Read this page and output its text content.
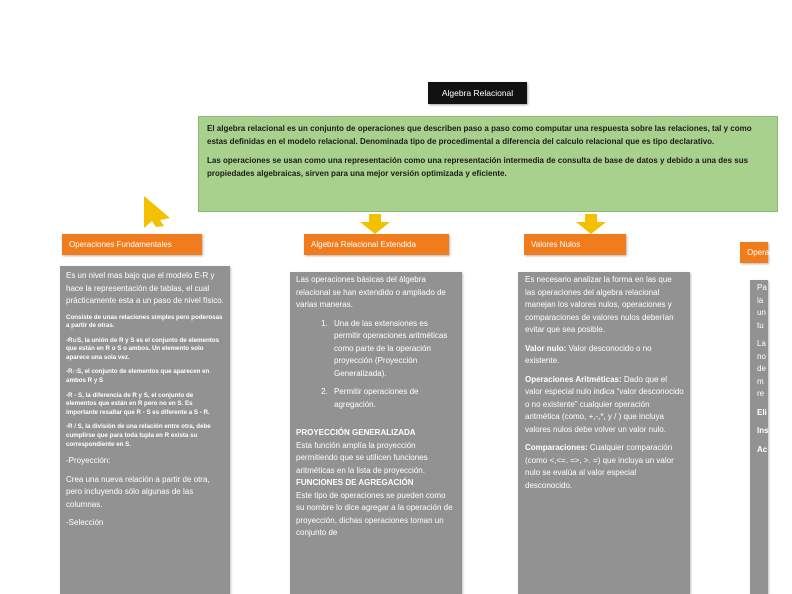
Algebra Relacional

El algebra relacional es un conjunto de operaciones que describen paso a paso como computar una respuesta sobre las relaciones, tal y como estas definidas en el modelo relacional. Denominada tipo de procedimental a diferencia del calculo relacional que es tipo declarativo.

Las operaciones se usan como una representación como una representación intermedia de consulta de base de datos y debido a una des sus propiedades algebraicas, sirven para una mejor versión optimizada y eficiente.

Operaciones Fundamentales

Es un nivel mas bajo que el modelo E-R y hace la representación de tablas, el cual prácticamente esta a un paso de nivel físico.

Consiste de unas relaciones simples pero poderosas a partir de otras.

-R∪S, la unión de R y S es el conjunto de elementos que están en R o S o ambos. Un elemento solo aparece una sola vez.

-R∩S, el conjunto de elementos que aparecen en ambos R y S

-R - S, la diferencia de R y S, el conjunto de elementos que están en R pero no en S. Es importante resaltar que R - S es diferente a S - R.

-R / S, la división de una relación entre otra, debe cumplirse que para toda tupla en R exista su correspondiente en S.

-Proyección:

Crea una nueva relación a partir de otra, pero incluyendo sólo algunas de las columnas.

-Selección

Algebra Relacional Extendida

Las operaciones básicas del álgebra relacional se han extendido o ampliado de varias maneras.

1. Una de las extensiones es permitir operaciones aritméticas como parte de la operación proyección (Proyección Generalizada).
2. Permitir operaciones de agregación.
PROYECCIÓN GENERALIZADA
Esta función amplía la proyección permitiendo que se utilicen funciones aritméticas en la lista de proyección.
FUNCIONES DE AGREGACIÓN
Este tipo de operaciones se pueden como su nombre lo dice agregar a la operación de proyección, dichas operaciones toman un conjunto de
Valores Nulos

Es necesario analizar la forma en las que las operaciones del algebra relacional manejan los valores nulos, operaciones y comparaciones de valores nulos deberían evitar que sea posible.

Valor nulo: Valor desconocido o no existente.

Operaciones Aritméticas: Dado que el valor especial nulo indica “valor desconocido o no existente” cualquier operación aritmética (como, +,-,*, y / ) que incluya valores nulos debe volver un valor nulo.

Comparaciones: Cualquier comparación (como <,<=. =>, >. =) que incluya un valor nulo se evalúa al valor especial desconocido.

Operaciones
Pa
la
un
tu
La
no
de
m
re
Eli
Ins
Ac
